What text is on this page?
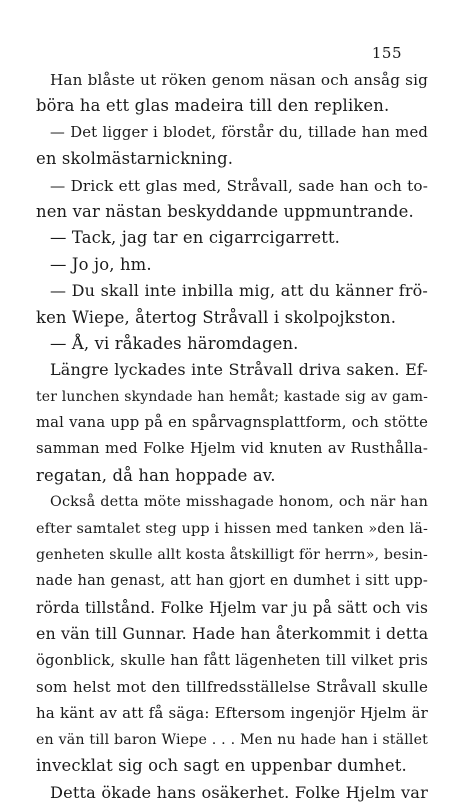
155
Han blåste ut röken genom näsan och ansåg sig
böra ha ett glas madeira till den repliken.
— Det ligger i blodet, förstår du, tillade han med
en skolmästarnickning.
— Drick ett glas med, Stråvall, sade han och to-
nen var nästan beskyddande uppmuntrande.
— Tack, jag tar en cigarrcigarrett.
— Jo jo, hm.
— Du skall inte inbilla mig, att du känner frö-
ken Wiepe, återtog Stråvall i skolpojkston.
— Å, vi råkades häromdagen.
Längre lyckades inte Stråvall driva saken. Ef-
ter lunchen skyndade han hemåt; kastade sig av gam-
mal vana upp på en spårvagnsplattform, och stötte
samman med Folke Hjelm vid knuten av Rusthålla-
regatan, då han hoppade av.
Också detta möte misshagade honom, och när han
efter samtalet steg upp i hissen med tanken »den lä-
genheten skulle allt kosta åtskilligt för herrn», besin-
nade han genast, att han gjort en dumhet i sitt upp-
rörda tillstånd. Folke Hjelm var ju på sätt och vis
en vän till Gunnar. Hade han återkommit i detta
ögonblick, skulle han fått lägenheten till vilket pris
som helst mot den tillfredsställelse Stråvall skulle
ha känt av att få säga: Eftersom ingenjör Hjelm är
en vän till baron Wiepe . . . Men nu hade han i stället
invecklat sig och sagt en uppenbar dumhet.
Detta ökade hans osäkerhet. Folke Hjelm var
